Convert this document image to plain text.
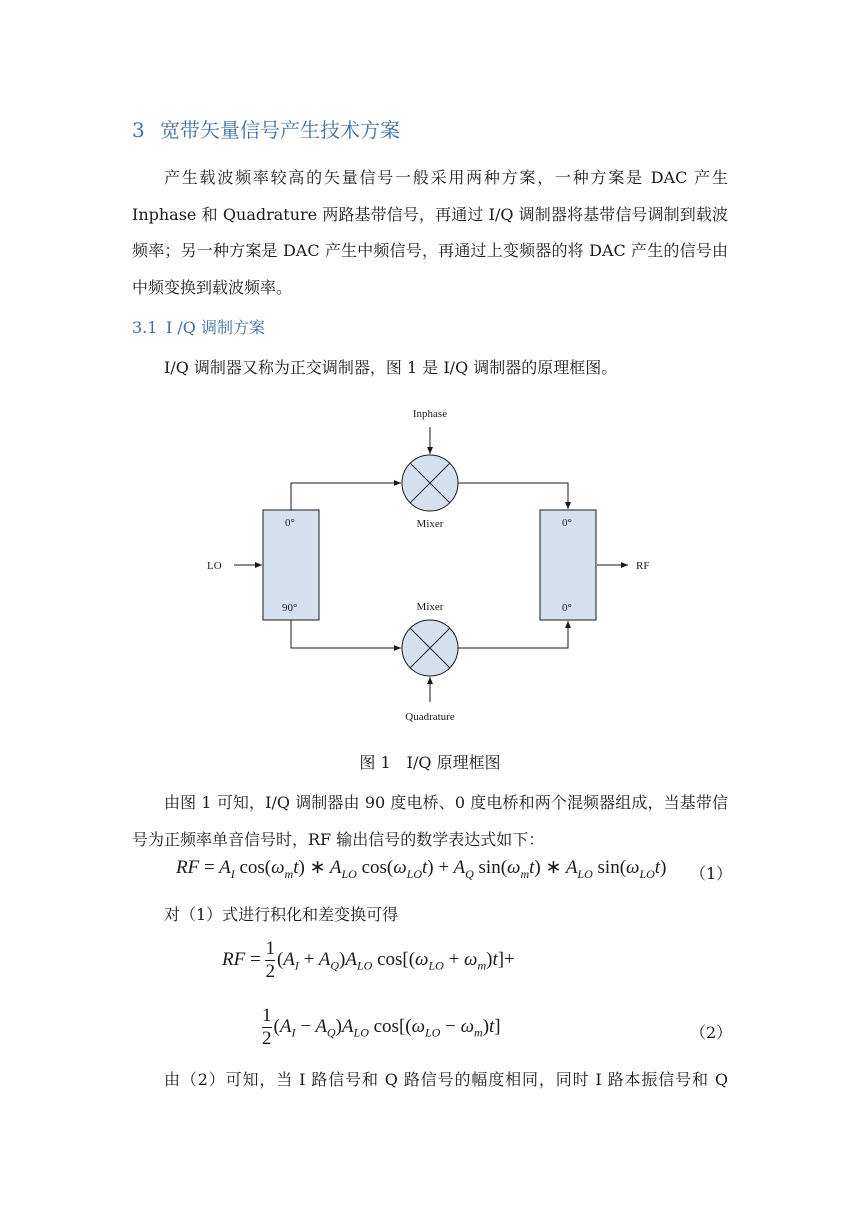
3 宽带矢量信号产生技术方案

产生载波频率较高的矢量信号一般采用两种方案，一种方案是 DAC 产生 Inphase 和 Quadrature 两路基带信号，再通过 I/Q 调制器将基带信号调制到载波频率；另一种方案是 DAC 产生中频信号，再通过上变频器的将 DAC 产生的信号由中频变换到载波频率。

3.1 I /Q 调制方案

I/Q 调制器又称为正交调制器，图 1 是 I/Q 调制器的原理框图。

Inphase
Quadrature
Mixer
Mixer
LO	RF
0°
90°
0°
0°
图 1 I/Q 原理框图

由图 1 可知，I/Q 调制器由 90 度电桥、0 度电桥和两个混频器组成，当基带信号为正频率单音信号时，RF 输出信号的数学表达式如下：

RF = $A_I$ $\cos(\omega_mt)$ ∗ $A_{LO}$ $\cos(\omega_{LO}t) + A_Q$ $\sin(\omega_mt)$ ∗ $A_{LO}$ $\sin(\omega_{LO}t)$ （1）

对（1）式进行积化和差变换可得

RF = $\frac{1}{2} (A_I + A_Q)A_{LO}$ $\cos[(\omega_{LO} + \omega_m)t]+$
$\frac{1}{2} (A_I - A_Q)A_{LO}$ $\cos[(\omega_{LO} - \omega_m)t]$	（2）

由（2）可知，当 I 路信号和 Q 路信号的幅度相同，同时 I 路本振信号和 Q
